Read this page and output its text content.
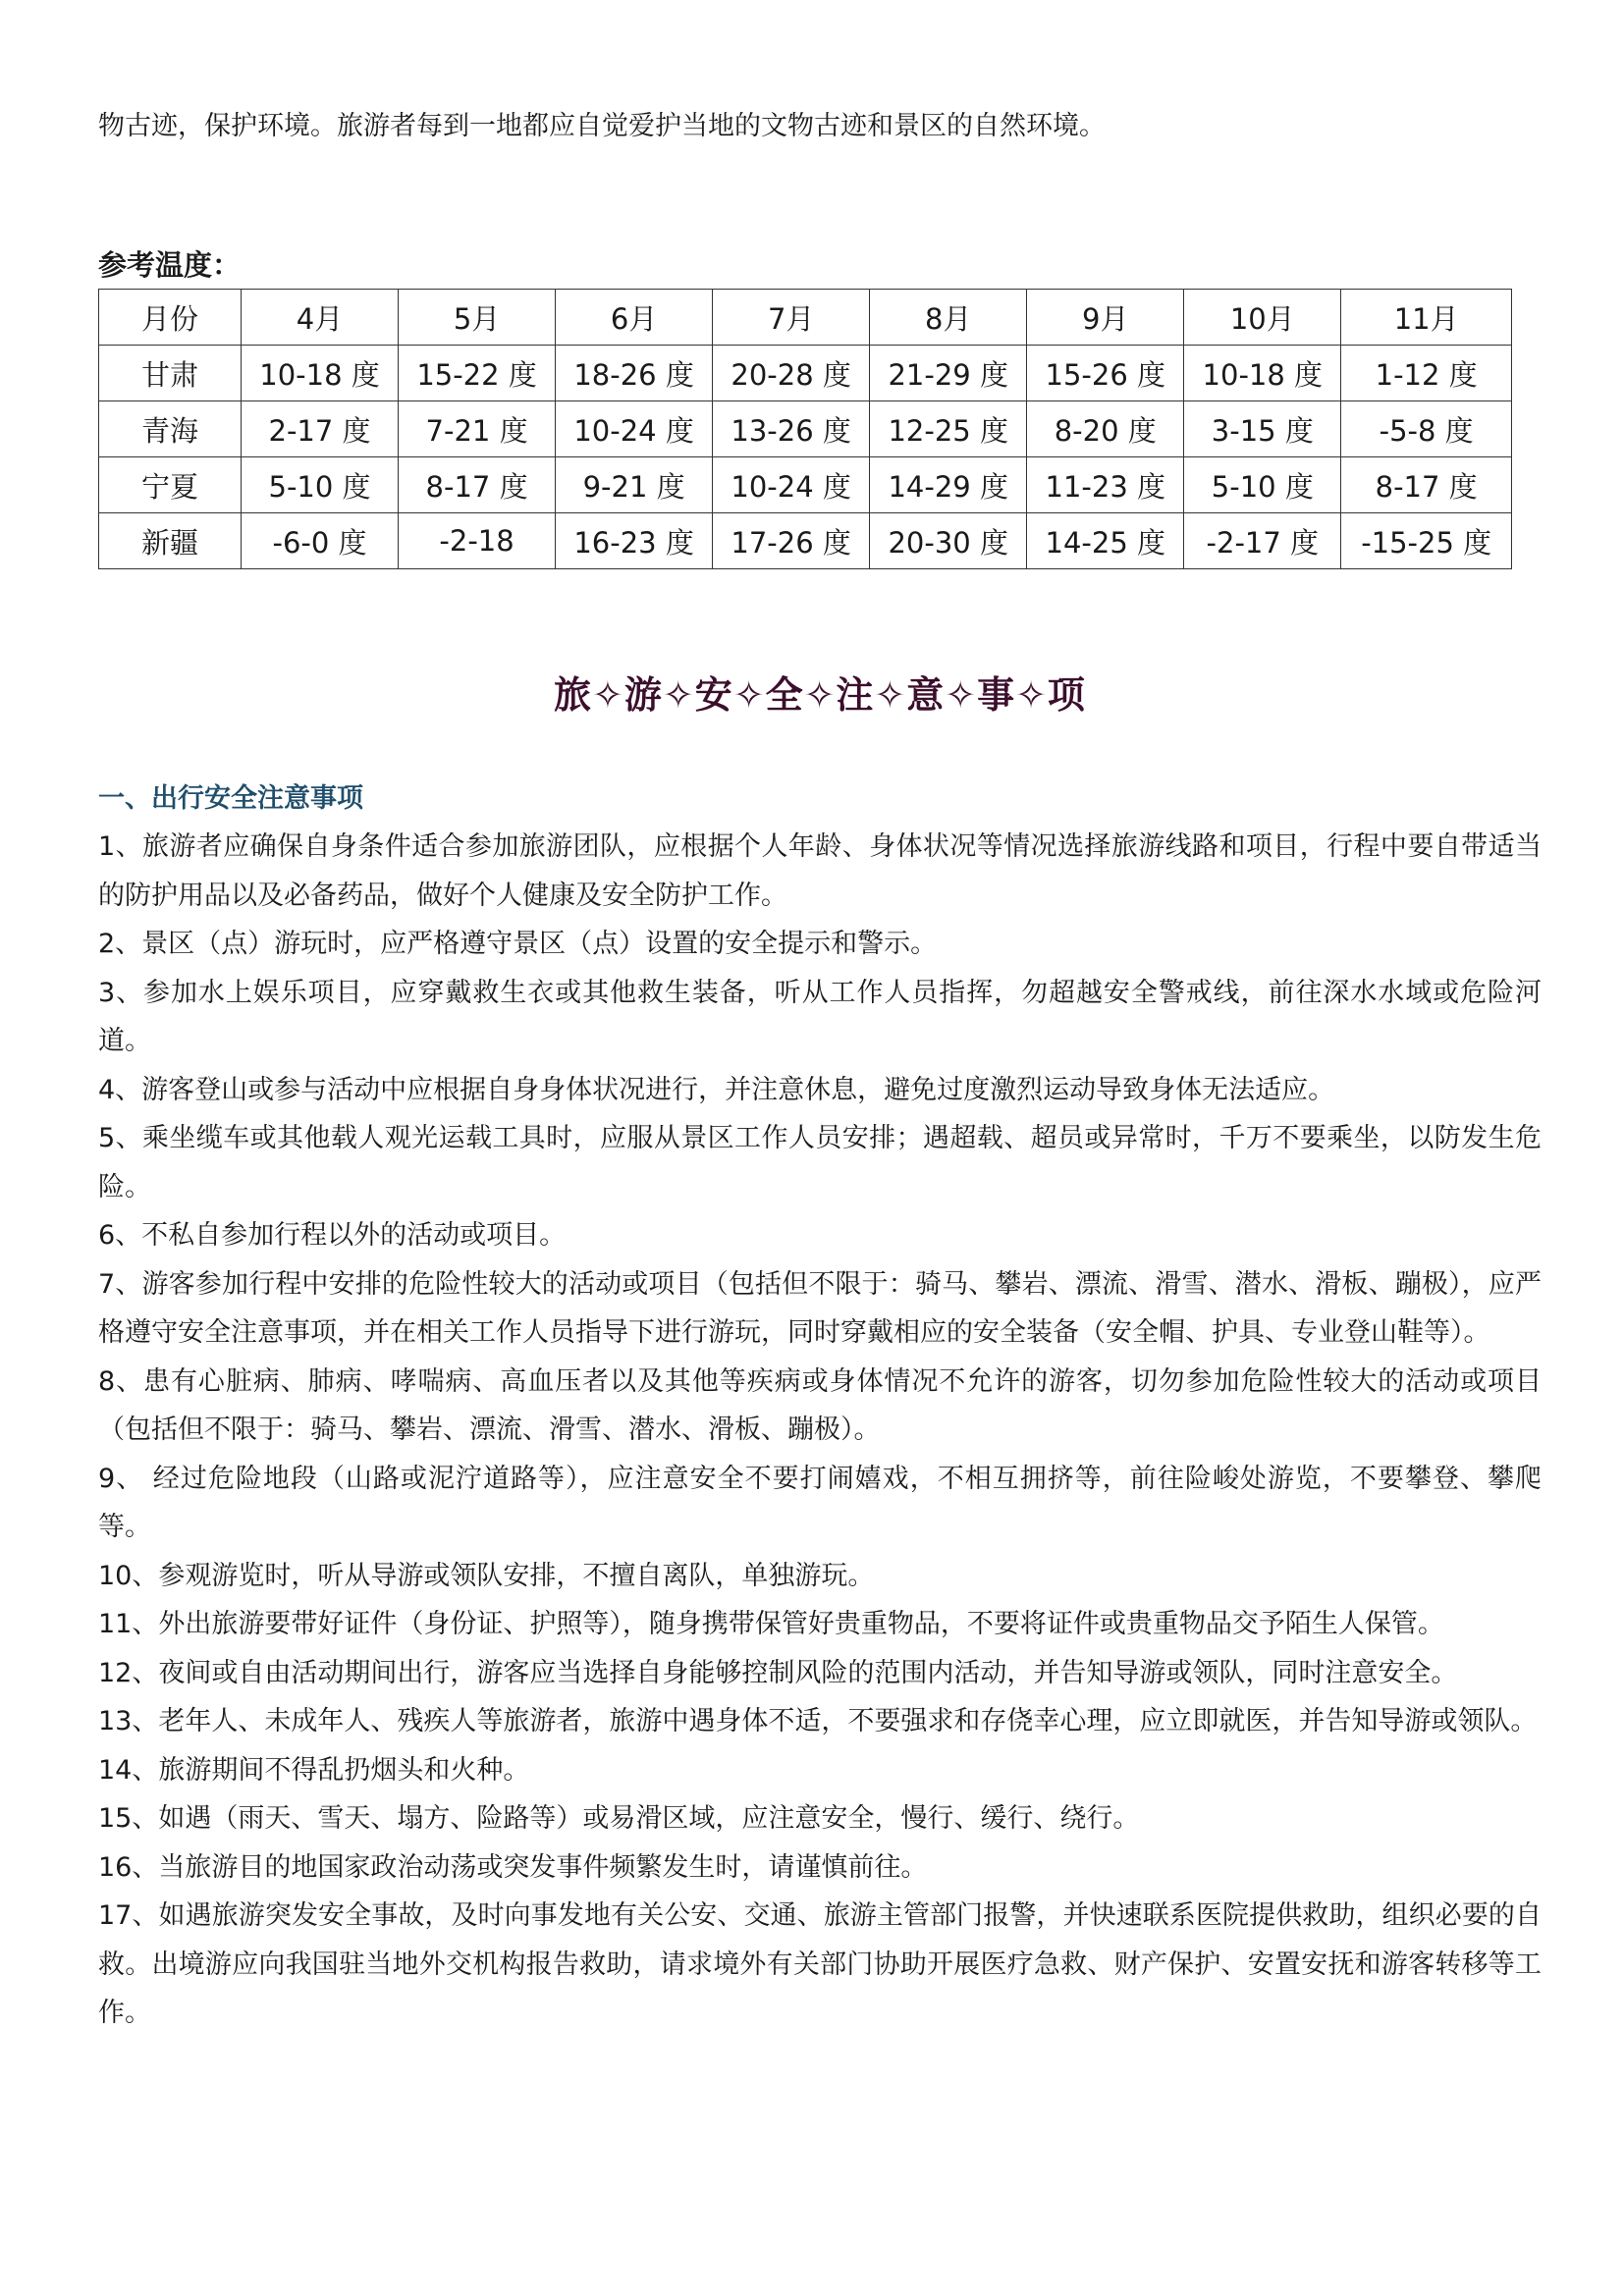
物古迹，保护环境。旅游者每到一地都应自觉爱护当地的文物古迹和景区的自然环境。

参考温度：
月份	4月	5月	6月	7月	8月	9月	10月	11月
甘肃	10-18 度	15-22 度	18-26 度	20-28 度	21-29 度	15-26 度	10-18 度	1-12 度
青海	2-17 度	7-21 度	10-24 度	13-26 度	12-25 度	8-20 度	3-15 度	-5-8 度
宁夏	5-10 度	8-17 度	9-21 度	10-24 度	14-29 度	11-23 度	5-10 度	8-17 度
新疆	-6-0 度	-2-18	16-23 度	17-26 度	20-30 度	14-25 度	-2-17 度	-15-25 度
旅✧游✧安✧全✧注✧意✧事✧项
一、出行安全注意事项

1、旅游者应确保自身条件适合参加旅游团队，应根据个人年龄、身体状况等情况选择旅游线路和项目，行程中要自带适当的防护用品以及必备药品，做好个人健康及安全防护工作。

2、景区（点）游玩时，应严格遵守景区（点）设置的安全提示和警示。

3、参加水上娱乐项目，应穿戴救生衣或其他救生装备，听从工作人员指挥，勿超越安全警戒线，前往深水水域或危险河道。

4、游客登山或参与活动中应根据自身身体状况进行，并注意休息，避免过度激烈运动导致身体无法适应。

5、乘坐缆车或其他载人观光运载工具时，应服从景区工作人员安排；遇超载、超员或异常时，千万不要乘坐，以防发生危险。

6、不私自参加行程以外的活动或项目。

7、游客参加行程中安排的危险性较大的活动或项目（包括但不限于：骑马、攀岩、漂流、滑雪、潜水、滑板、蹦极），应严格遵守安全注意事项，并在相关工作人员指导下进行游玩，同时穿戴相应的安全装备（安全帽、护具、专业登山鞋等）。

8、患有心脏病、肺病、哮喘病、高血压者以及其他等疾病或身体情况不允许的游客，切勿参加危险性较大的活动或项目（包括但不限于：骑马、攀岩、漂流、滑雪、潜水、滑板、蹦极）。

9、 经过危险地段（山路或泥泞道路等），应注意安全不要打闹嬉戏，不相互拥挤等，前往险峻处游览，不要攀登、攀爬等。

10、参观游览时，听从导游或领队安排，不擅自离队，单独游玩。

11、外出旅游要带好证件（身份证、护照等），随身携带保管好贵重物品，不要将证件或贵重物品交予陌生人保管。

12、夜间或自由活动期间出行，游客应当选择自身能够控制风险的范围内活动，并告知导游或领队，同时注意安全。

13、老年人、未成年人、残疾人等旅游者，旅游中遇身体不适，不要强求和存侥幸心理，应立即就医，并告知导游或领队。

14、旅游期间不得乱扔烟头和火种。

15、如遇（雨天、雪天、塌方、险路等）或易滑区域，应注意安全，慢行、缓行、绕行。

16、当旅游目的地国家政治动荡或突发事件频繁发生时，请谨慎前往。

17、如遇旅游突发安全事故，及时向事发地有关公安、交通、旅游主管部门报警，并快速联系医院提供救助，组织必要的自救。出境游应向我国驻当地外交机构报告救助，请求境外有关部门协助开展医疗急救、财产保护、安置安抚和游客转移等工作。
